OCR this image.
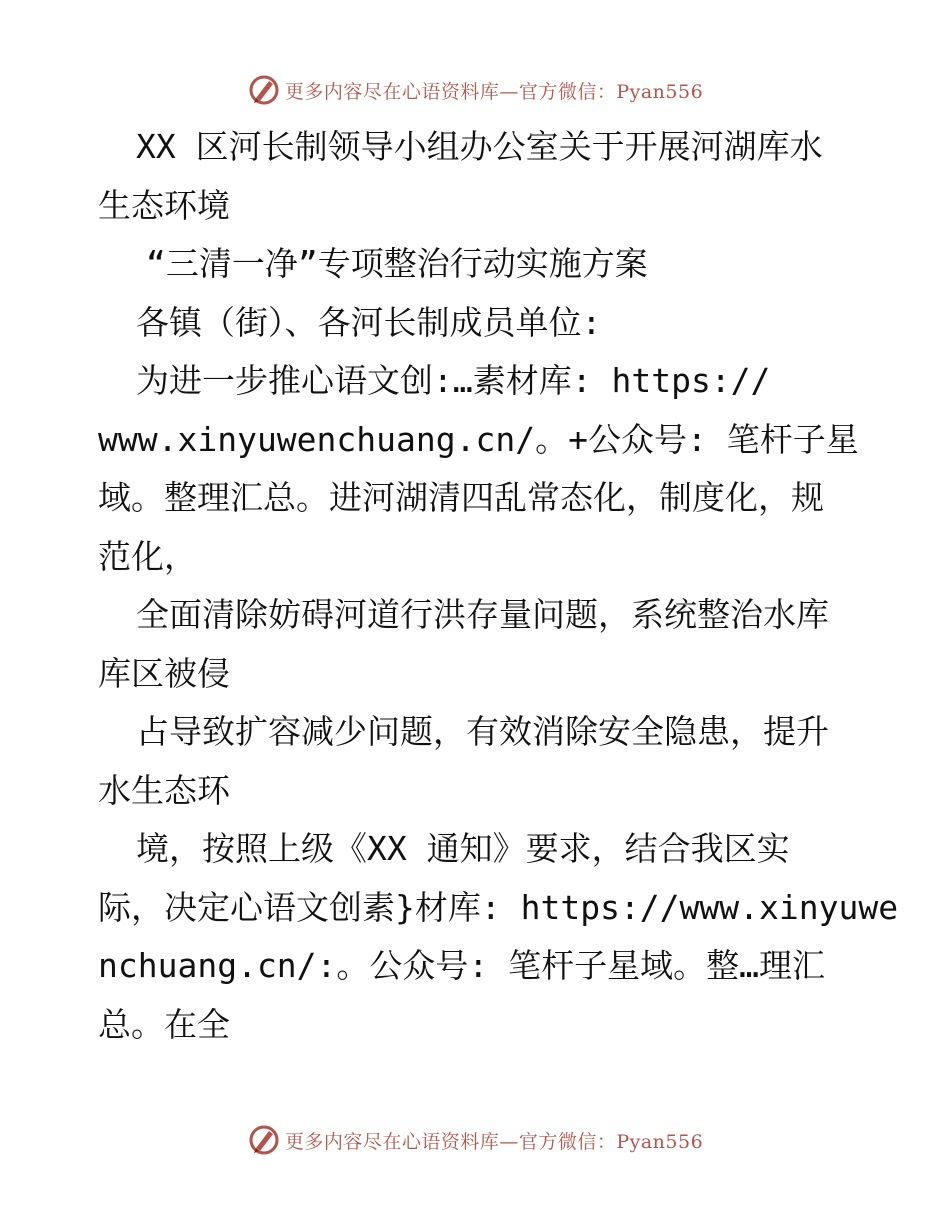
更多内容尽在心语资料库—官方微信：Pyan556

XX 区河长制领导小组办公室关于开展河湖库水

生态环境

“三清一净”专项整治行动实施方案

各镇（街）、各河长制成员单位:

为进一步推心语文创:…素材库: https://

www.xinyuwenchuang.cn/。+公众号: 笔杆子星

域。整理汇总。进河湖清四乱常态化，制度化，规

范化，

全面清除妨碍河道行洪存量问题，系统整治水库

库区被侵

占导致扩容减少问题，有效消除安全隐患，提升

水生态环

境，按照上级《XX 通知》要求，结合我区实

际，决定心语文创素}材库: https://www.xinyuwe

nchuang.cn/:。公众号: 笔杆子星域。整…理汇

总。在全

更多内容尽在心语资料库—官方微信：Pyan556
